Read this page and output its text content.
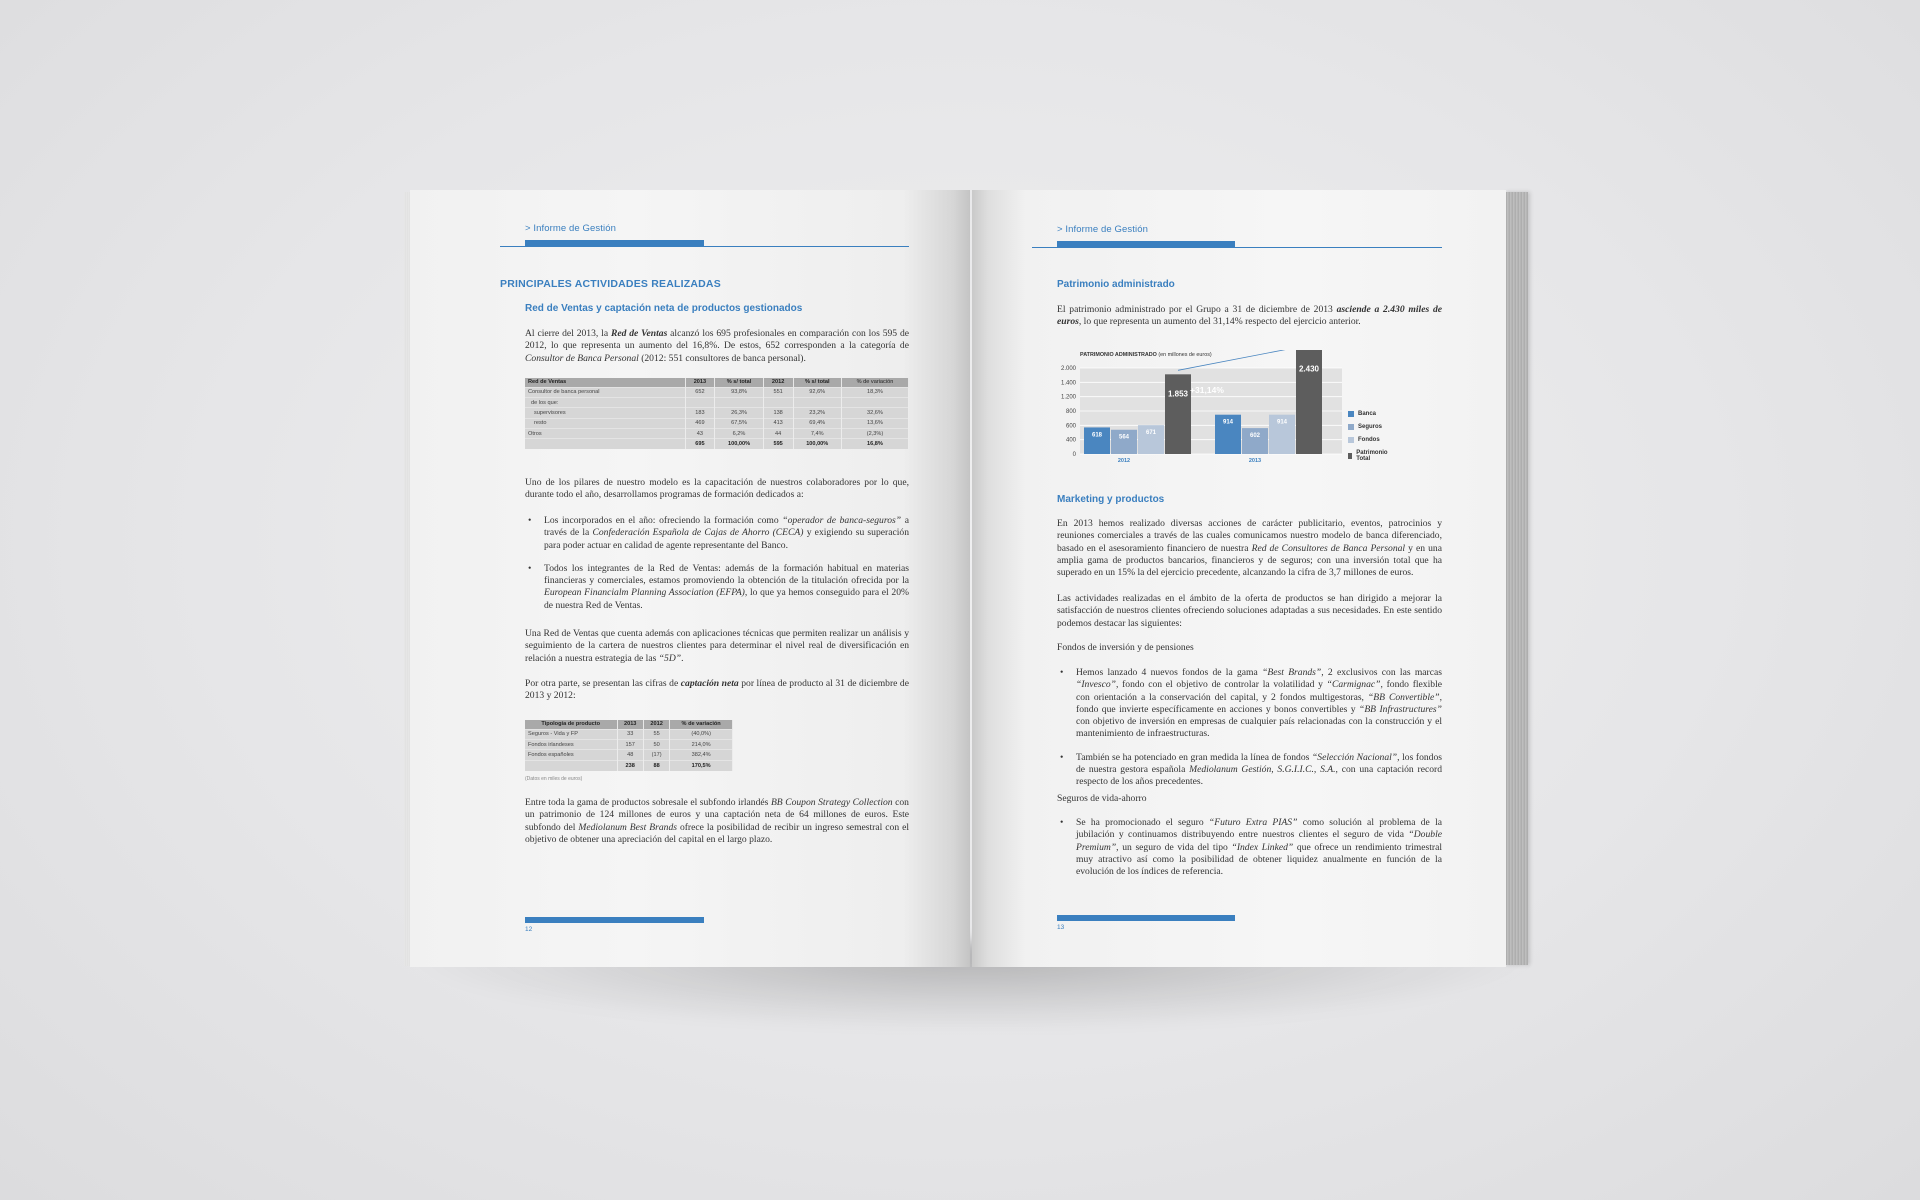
> Informe de Gestión
PRINCIPALES ACTIVIDADES REALIZADAS
Red de Ventas y captación neta de productos gestionados
Al cierre del 2013, la Red de Ventas alcanzó los 695 profesionales en comparación con los 595 de 2012, lo que representa un aumento del 16,8%. De estos, 652 corresponden a la categoría de Consultor de Banca Personal (2012: 551 consultores de banca personal).
Red de Ventas	2013	% s/ total	2012	% s/ total	% de variación
Consultor de banca personal	652	93,8%	551	92,6%	18,3%
de los que:					
supervisores	183	26,3%	138	23,2%	32,6%
resto	469	67,5%	413	69,4%	13,6%
Otros	43	6,2%	44	7,4%	(2,3%)
	695	100,00%	595	100,00%	16,8%
Uno de los pilares de nuestro modelo es la capacitación de nuestros colaboradores por lo que, durante todo el año, desarrollamos programas de formación dedicados a:
• Los incorporados en el año: ofreciendo la formación como “operador de banca-seguros” a través de la Confederación Española de Cajas de Ahorro (CECA) y exigiendo su superación para poder actuar en calidad de agente representante del Banco.
• Todos los integrantes de la Red de Ventas: además de la formación habitual en materias financieras y comerciales, estamos promoviendo la obtención de la titulación ofrecida por la European Financialm Planning Association (EFPA), lo que ya hemos conseguido para el 20% de nuestra Red de Ventas.
Una Red de Ventas que cuenta además con aplicaciones técnicas que permiten realizar un análisis y seguimiento de la cartera de nuestros clientes para determinar el nivel real de diversificación en relación a nuestra estrategia de las “5D”.
Por otra parte, se presentan las cifras de captación neta por línea de producto al 31 de diciembre de 2013 y 2012:
Tipología de producto	2013	2012	% de variación
Seguros - Vida y FP	33	55	(40,0%)
Fondos irlandeses	157	50	214,0%
Fondos españoles	48	(17)	382,4%
	238	88	170,5%
(Datos en miles de euros)
Entre toda la gama de productos sobresale el subfondo irlandés BB Coupon Strategy Collection con un patrimonio de 124 millones de euros y una captación neta de 64 millones de euros. Este subfondo del Mediolanum Best Brands ofrece la posibilidad de recibir un ingreso semestral con el objetivo de obtener una apreciación del capital en el largo plazo.
12
> Informe de Gestión
Patrimonio administrado
El patrimonio administrado por el Grupo a 31 de diciembre de 2013 asciende a 2.430 miles de euros, lo que representa un aumento del 31,14% respecto del ejercicio anterior.
PATRIMONIO ADMINISTRADO (en millones de euros)
0
400
600
800
1.200
1.400
2.000
618	564
671
1.853
2012
914
602
914
2.430
2013
+31,14%
Banca
Seguros
Fondos
Patrimonio Total
Marketing y productos
En 2013 hemos realizado diversas acciones de carácter publicitario, eventos, patrocinios y reuniones comerciales a través de las cuales comunicamos nuestro modelo de banca diferenciado, basado en el asesoramiento financiero de nuestra Red de Consultores de Banca Personal y en una amplia gama de productos bancarios, financieros y de seguros; con una inversión total que ha superado en un 15% la del ejercicio precedente, alcanzando la cifra de 3,7 millones de euros.
Las actividades realizadas en el ámbito de la oferta de productos se han dirigido a mejorar la satisfacción de nuestros clientes ofreciendo soluciones adaptadas a sus necesidades. En este sentido podemos destacar las siguientes:
Fondos de inversión y de pensiones
• Hemos lanzado 4 nuevos fondos de la gama “Best Brands”, 2 exclusivos con las marcas “Invesco”, fondo con el objetivo de controlar la volatilidad y “Carmignac”, fondo flexible con orientación a la conservación del capital, y 2 fondos multigestoras, “BB Convertible”, fondo que invierte específicamente en acciones y bonos convertibles y “BB Infrastructures” con objetivo de inversión en empresas de cualquier país relacionadas con la construcción y el mantenimiento de infraestructuras.
• También se ha potenciado en gran medida la línea de fondos “Selección Nacional”, los fondos de nuestra gestora española Mediolanum Gestión, S.G.I.I.C., S.A., con una captación record respecto de los años precedentes.
Seguros de vida-ahorro
• Se ha promocionado el seguro “Futuro Extra PIAS” como solución al problema de la jubilación y continuamos distribuyendo entre nuestros clientes el seguro de vida “Double Premium”, un seguro de vida del tipo “Index Linked” que ofrece un rendimiento trimestral muy atractivo así como la posibilidad de obtener liquidez anualmente en función de la evolución de los índices de referencia.
13
